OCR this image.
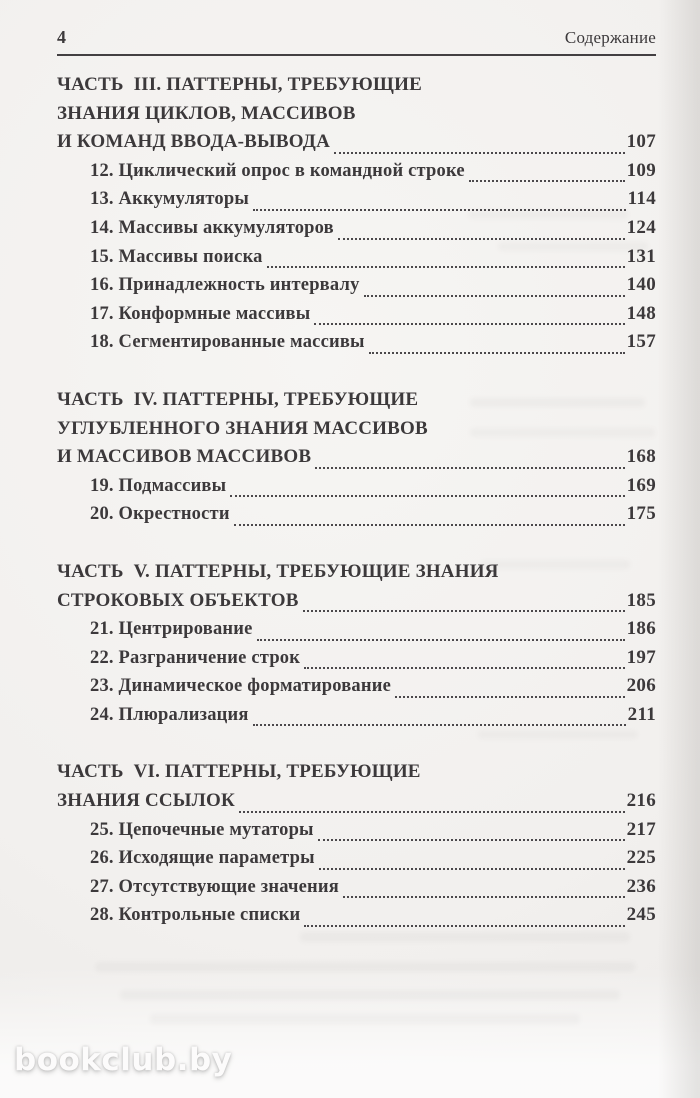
4	Содержание
ЧАСТЬ  III. ПАТТЕРНЫ, ТРЕБУЮЩИЕ
ЗНАНИЯ ЦИКЛОВ, МАССИВОВ
И КОМАНД ВВОДА-ВЫВОДА	107
12. Циклический опрос в командной строке	109
13. Аккумуляторы	114
14. Массивы аккумуляторов	124
15. Массивы поиска	131
16. Принадлежность интервалу	140
17. Конформные массивы	148
18. Сегментированные массивы	157
ЧАСТЬ  IV. ПАТТЕРНЫ, ТРЕБУЮЩИЕ
УГЛУБЛЕННОГО ЗНАНИЯ МАССИВОВ
И МАССИВОВ МАССИВОВ	168
19. Подмассивы	169
20. Окрестности	175
ЧАСТЬ  V. ПАТТЕРНЫ, ТРЕБУЮЩИЕ ЗНАНИЯ
СТРОКОВЫХ ОБЪЕКТОВ	185
21. Центрирование	186
22. Разграничение строк	197
23. Динамическое форматирование	206
24. Плюрализация	211
ЧАСТЬ  VI. ПАТТЕРНЫ, ТРЕБУЮЩИЕ
ЗНАНИЯ ССЫЛОК	216
25. Цепочечные мутаторы	217
26. Исходящие параметры	225
27. Отсутствующие значения	236
28. Контрольные списки	245
bookclub.by
